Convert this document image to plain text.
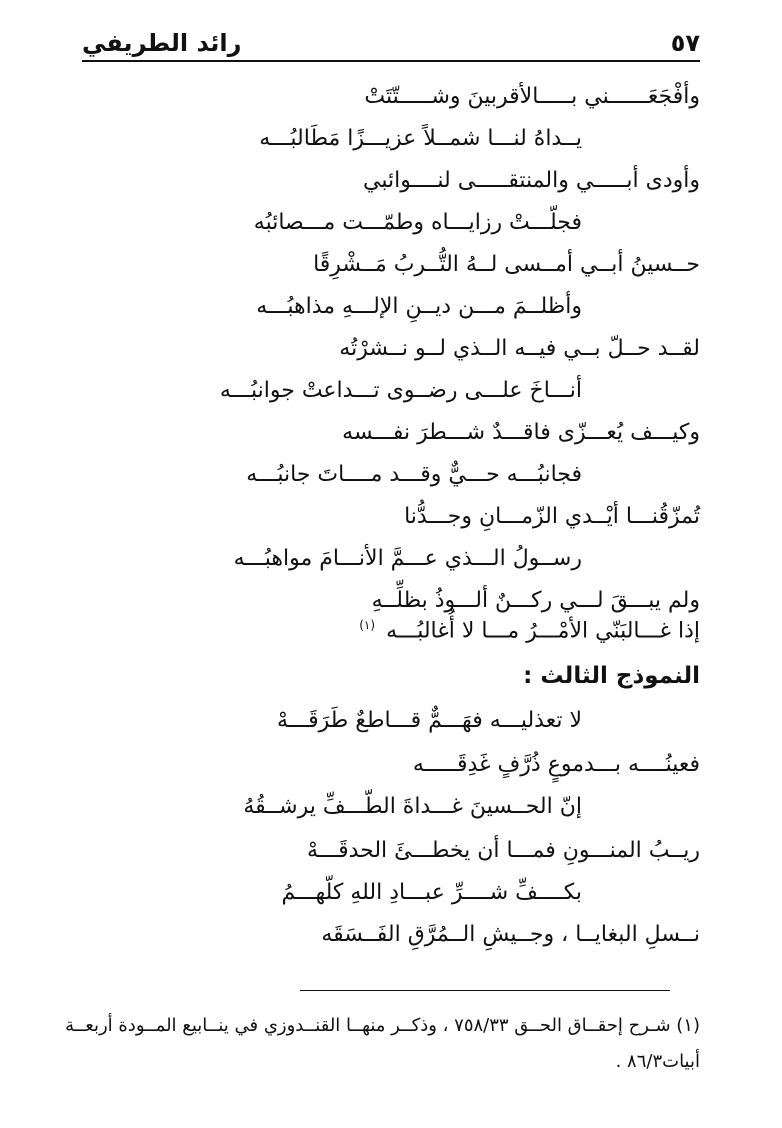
٥٧
رائد الطريفي
وأفْجَعَــــــني بـــــالأقربينَ وشـــــتّتَتْ
يــداهُ لنـــا شمــلاً عزيـــزًا مَطَالبُـــه
وأودى أبـــــي والمنتقـــــى لنــــوائبي
فجلّـــتْ رزايـــاه وطمّـــت مـــصائبُه
حــسينُ أبــي أمــسى لــهُ التُّــربُ مَــشْرِقًا
وأظلــمَ مـــن ديــنِ الإلـــهِ مذاهبُـــه
لقــد حــلّ بــي فيــه الــذي لــو نــشرْتُه
أنـــاخَ علـــى رضــوى تـــداعتْ جوانبُـــه
وكيـــف يُعـــزّى فاقـــدٌ شـــطرَ نفـــسه
فجانبُـــه حـــيٌّ وقـــد مــــاتَ جانبُـــه
تُمزّقُنـــا أيْــدي الزّمـــانِ وجـــدُّنا
رســولُ الـــذي عـــمَّ الأنـــامَ مواهبُـــه
ولم يبـــقَ لـــي ركـــنٌ ألـــوذُ بظلِّــهِ
إذا غـــالبَنّي الأمْـــرُ مـــا لا أُغالبُـــه $^{(١)}$
النموذج الثالث :
لا تعذليـــه فهَـــمٌّ قـــاطعٌ طَرَقَـــهْ
فعينُــــه بـــدموعٍ ذُرَّفٍ غَدِقَـــــه
إنّ الحــسينَ غـــداةَ الطّـــفِّ يرشــقُهُ
ريــبُ المنـــونِ فمـــا أن يخطـــئَ الحدقَـــهْ
بكــــفِّ شــــرِّ عبـــادِ اللهِ كلّهـــمُ
نــسلِ البغايــا ، وجــيشِ الــمُرَّقِ الفَــسَقَه
(١) شـرح إحقــاق الحــق ٧٥٨/٣٣ ، وذكــر منهــا القنــدوزي في ينــابيع المــودة أربعــة
أبيات٨٦/٣ .
